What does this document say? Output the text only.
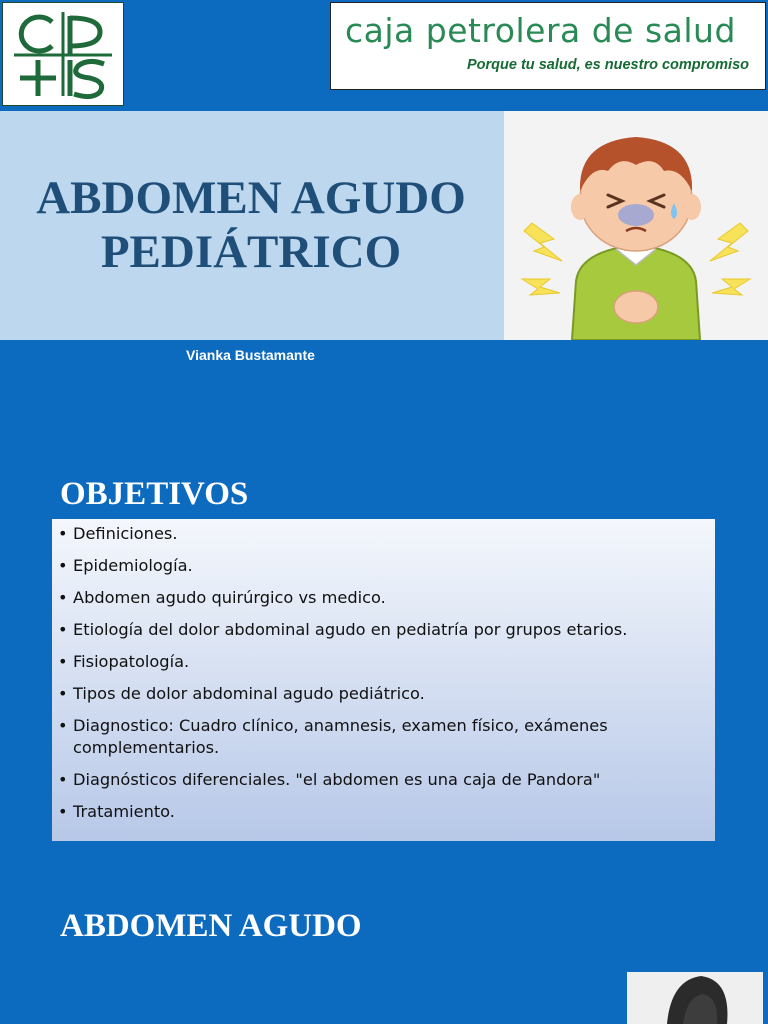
caja petrolera de salud
Porque tu salud, es nuestro compromiso
ABDOMEN AGUDO
PEDIÁTRICO
Vianka Bustamante
OBJETIVOS
• Definiciones.
• Epidemiología.
• Abdomen agudo quirúrgico vs medico.
• Etiología del dolor abdominal agudo en pediatría por grupos etarios.
• Fisiopatología.
• Tipos de dolor abdominal agudo pediátrico.
• Diagnostico: Cuadro clínico, anamnesis, examen físico, exámenes complementarios.
• Diagnósticos diferenciales. "el abdomen es una caja de Pandora"
• Tratamiento.
ABDOMEN AGUDO
